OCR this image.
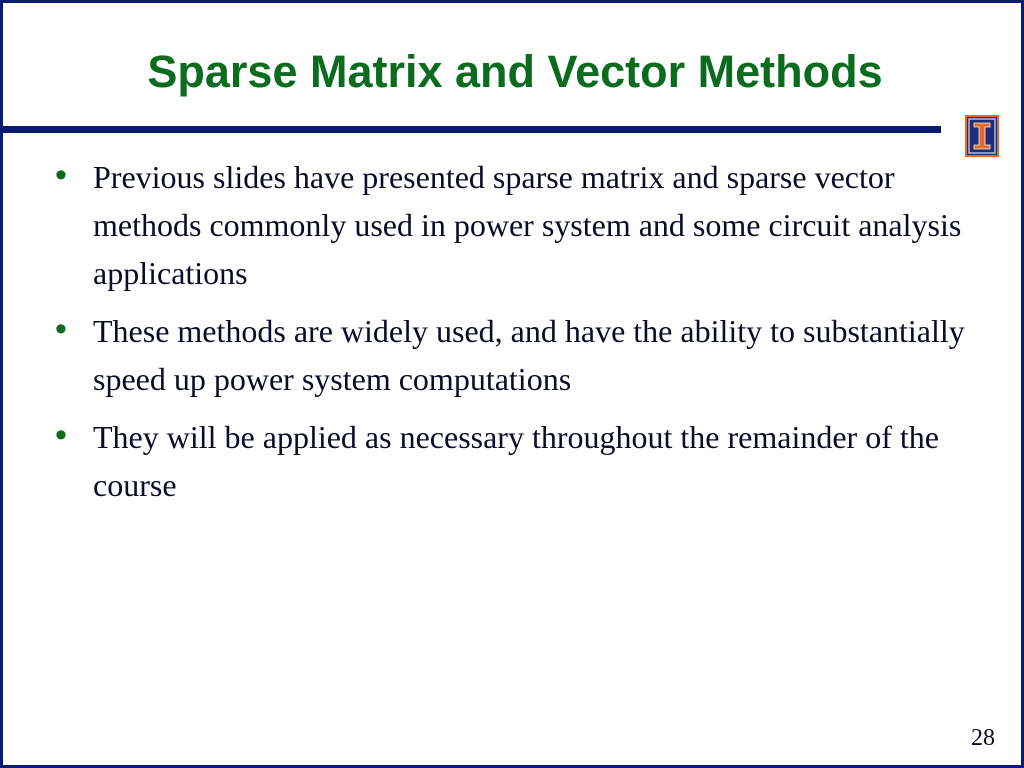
Sparse Matrix and Vector Methods
• Previous slides have presented sparse matrix and sparse vector methods commonly used in power system and some circuit analysis applications
• These methods are widely used, and have the ability to substantially speed up power system computations
• They will be applied as necessary throughout the remainder of the course
28
